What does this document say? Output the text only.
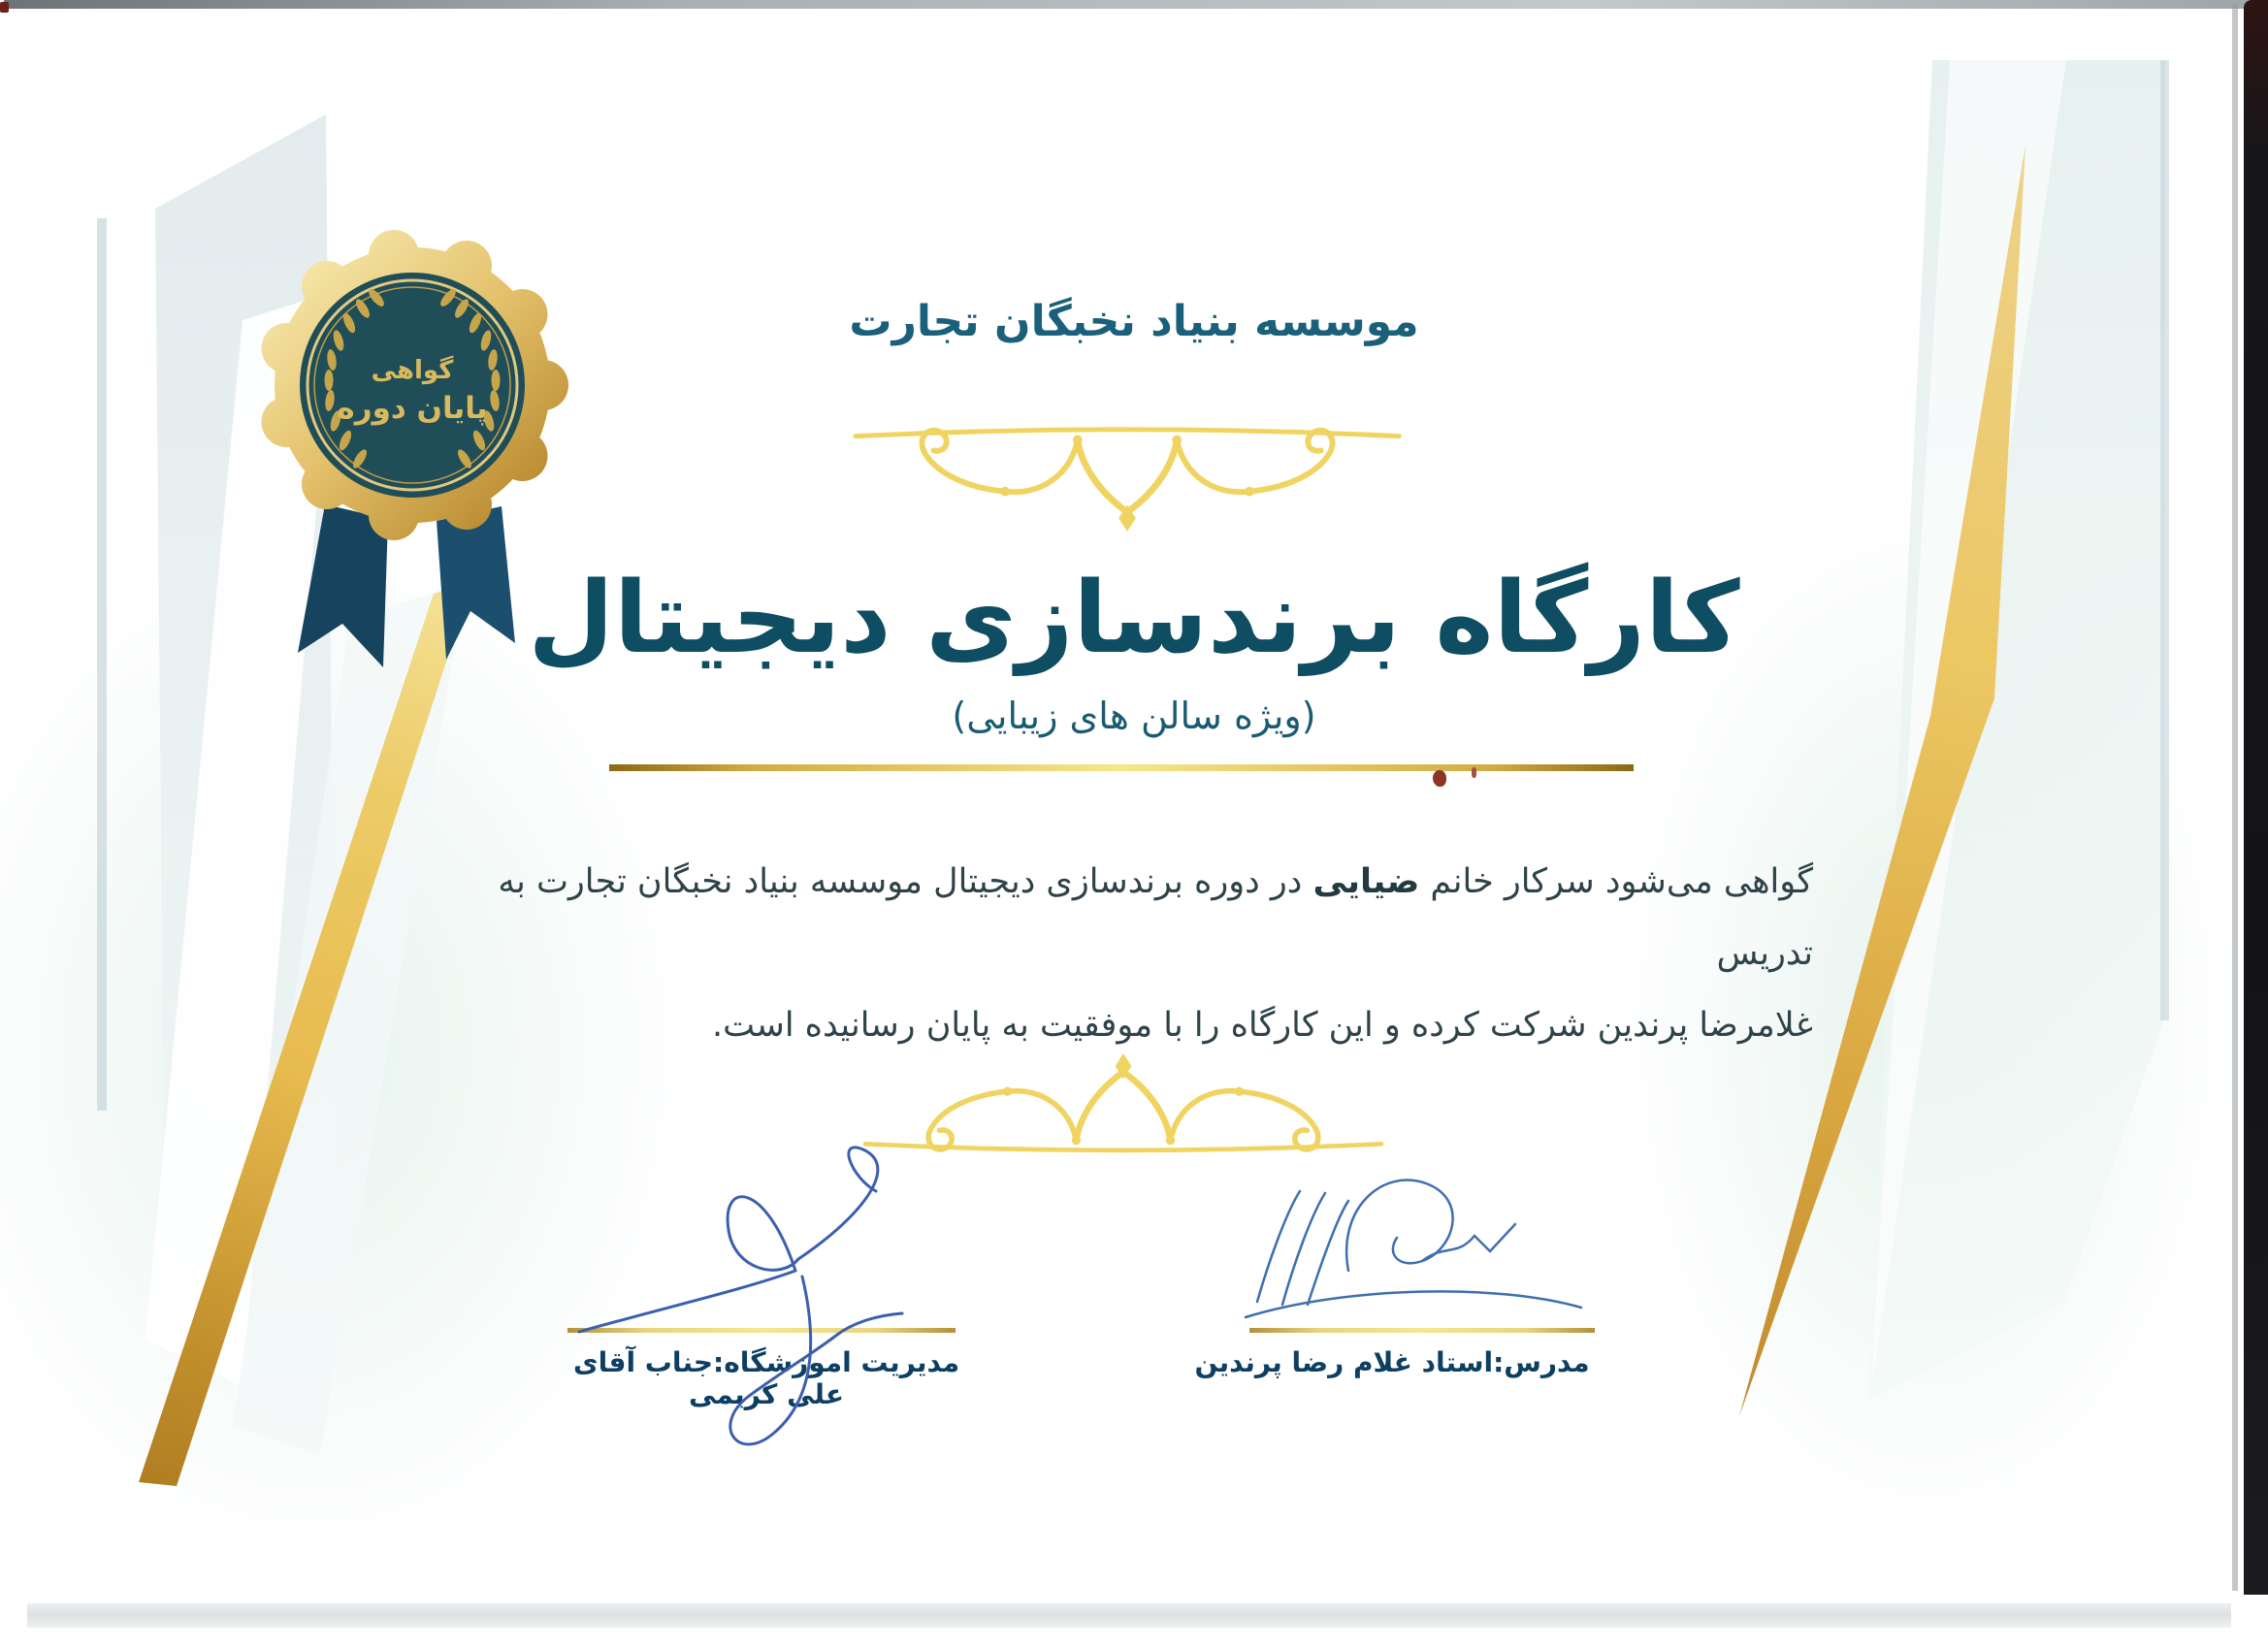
گواهی
پایان دوره
موسسه بنیاد نخبگان تجارت
کارگاه برندسازی دیجیتال
(ویژه سالن های زیبایی)
گواهی می‌شود سرکار خانم ضیایی در دوره برندسازی دیجیتال موسسه بنیاد نخبگان تجارت به تدریس
غلامرضا پرندین شرکت کرده و این کارگاه را با موفقیت به پایان رسانیده است.
مدیریت اموزشگاه:جناب آقای علی کریمی
مدرس:استاد غلام رضا پرندین
